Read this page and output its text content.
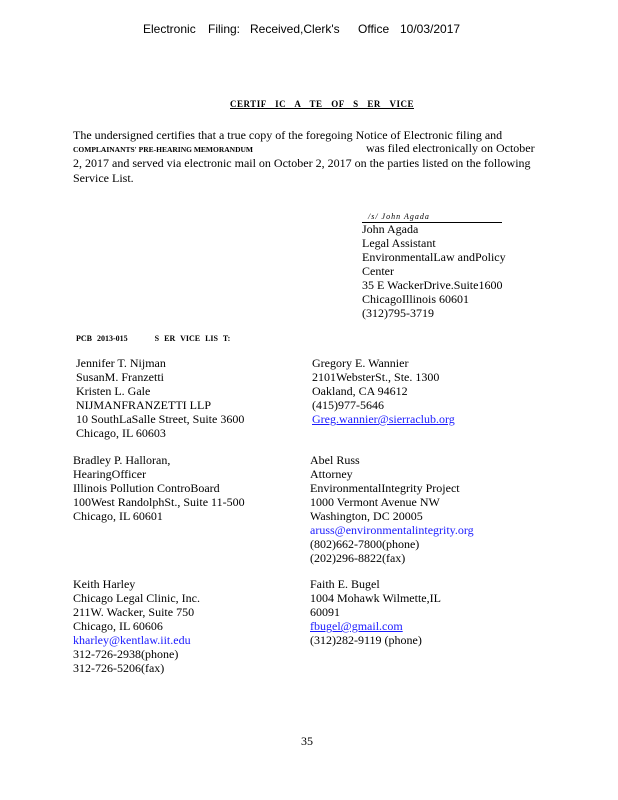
Electronic Filing: Received,Clerk's Office 10/03/2017
CERTIF IC A TE OF S ER VICE
The undersigned certifies that a true copy of the foregoing Notice of Electronic filing and
COMPLAINANTS' PRE-HEARING MEMORANDUM	was filed electronically on October
2, 2017 and served via electronic mail on October 2, 2017 on the parties listed on the following
Service List.
/s/ John Agada
John Agada
Legal Assistant
EnvironmentalLaw andPolicy
Center
35 E WackerDrive.Suite1600
ChicagoIllinois 60601
(312)795-3719
PCB 2013-015	S ER VICE LIS T:
Jennifer T. Nijman
SusanM. Franzetti
Kristen L. Gale
NIJMANFRANZETTI LLP
10 SouthLaSalle Street, Suite 3600
Chicago, IL 60603
Gregory E. Wannier
2101WebsterSt., Ste. 1300
Oakland, CA 94612
(415)977-5646
Greg.wannier@sierraclub.org
Bradley P. Halloran,
HearingOfficer
Illinois Pollution ControBoard
100West RandolphSt., Suite 11-500
Chicago, IL 60601
Abel Russ
Attorney
EnvironmentalIntegrity Project
1000 Vermont Avenue NW
Washington, DC 20005
aruss@environmentalintegrity.org
(802)662-7800(phone)
(202)296-8822(fax)
Keith Harley
Chicago Legal Clinic, Inc.
211W. Wacker, Suite 750
Chicago, IL 60606
kharley@kentlaw.iit.edu
312-726-2938(phone)
312-726-5206(fax)
Faith E. Bugel
1004 Mohawk Wilmette,IL
60091
fbugel@gmail.com
(312)282-9119 (phone)
35
